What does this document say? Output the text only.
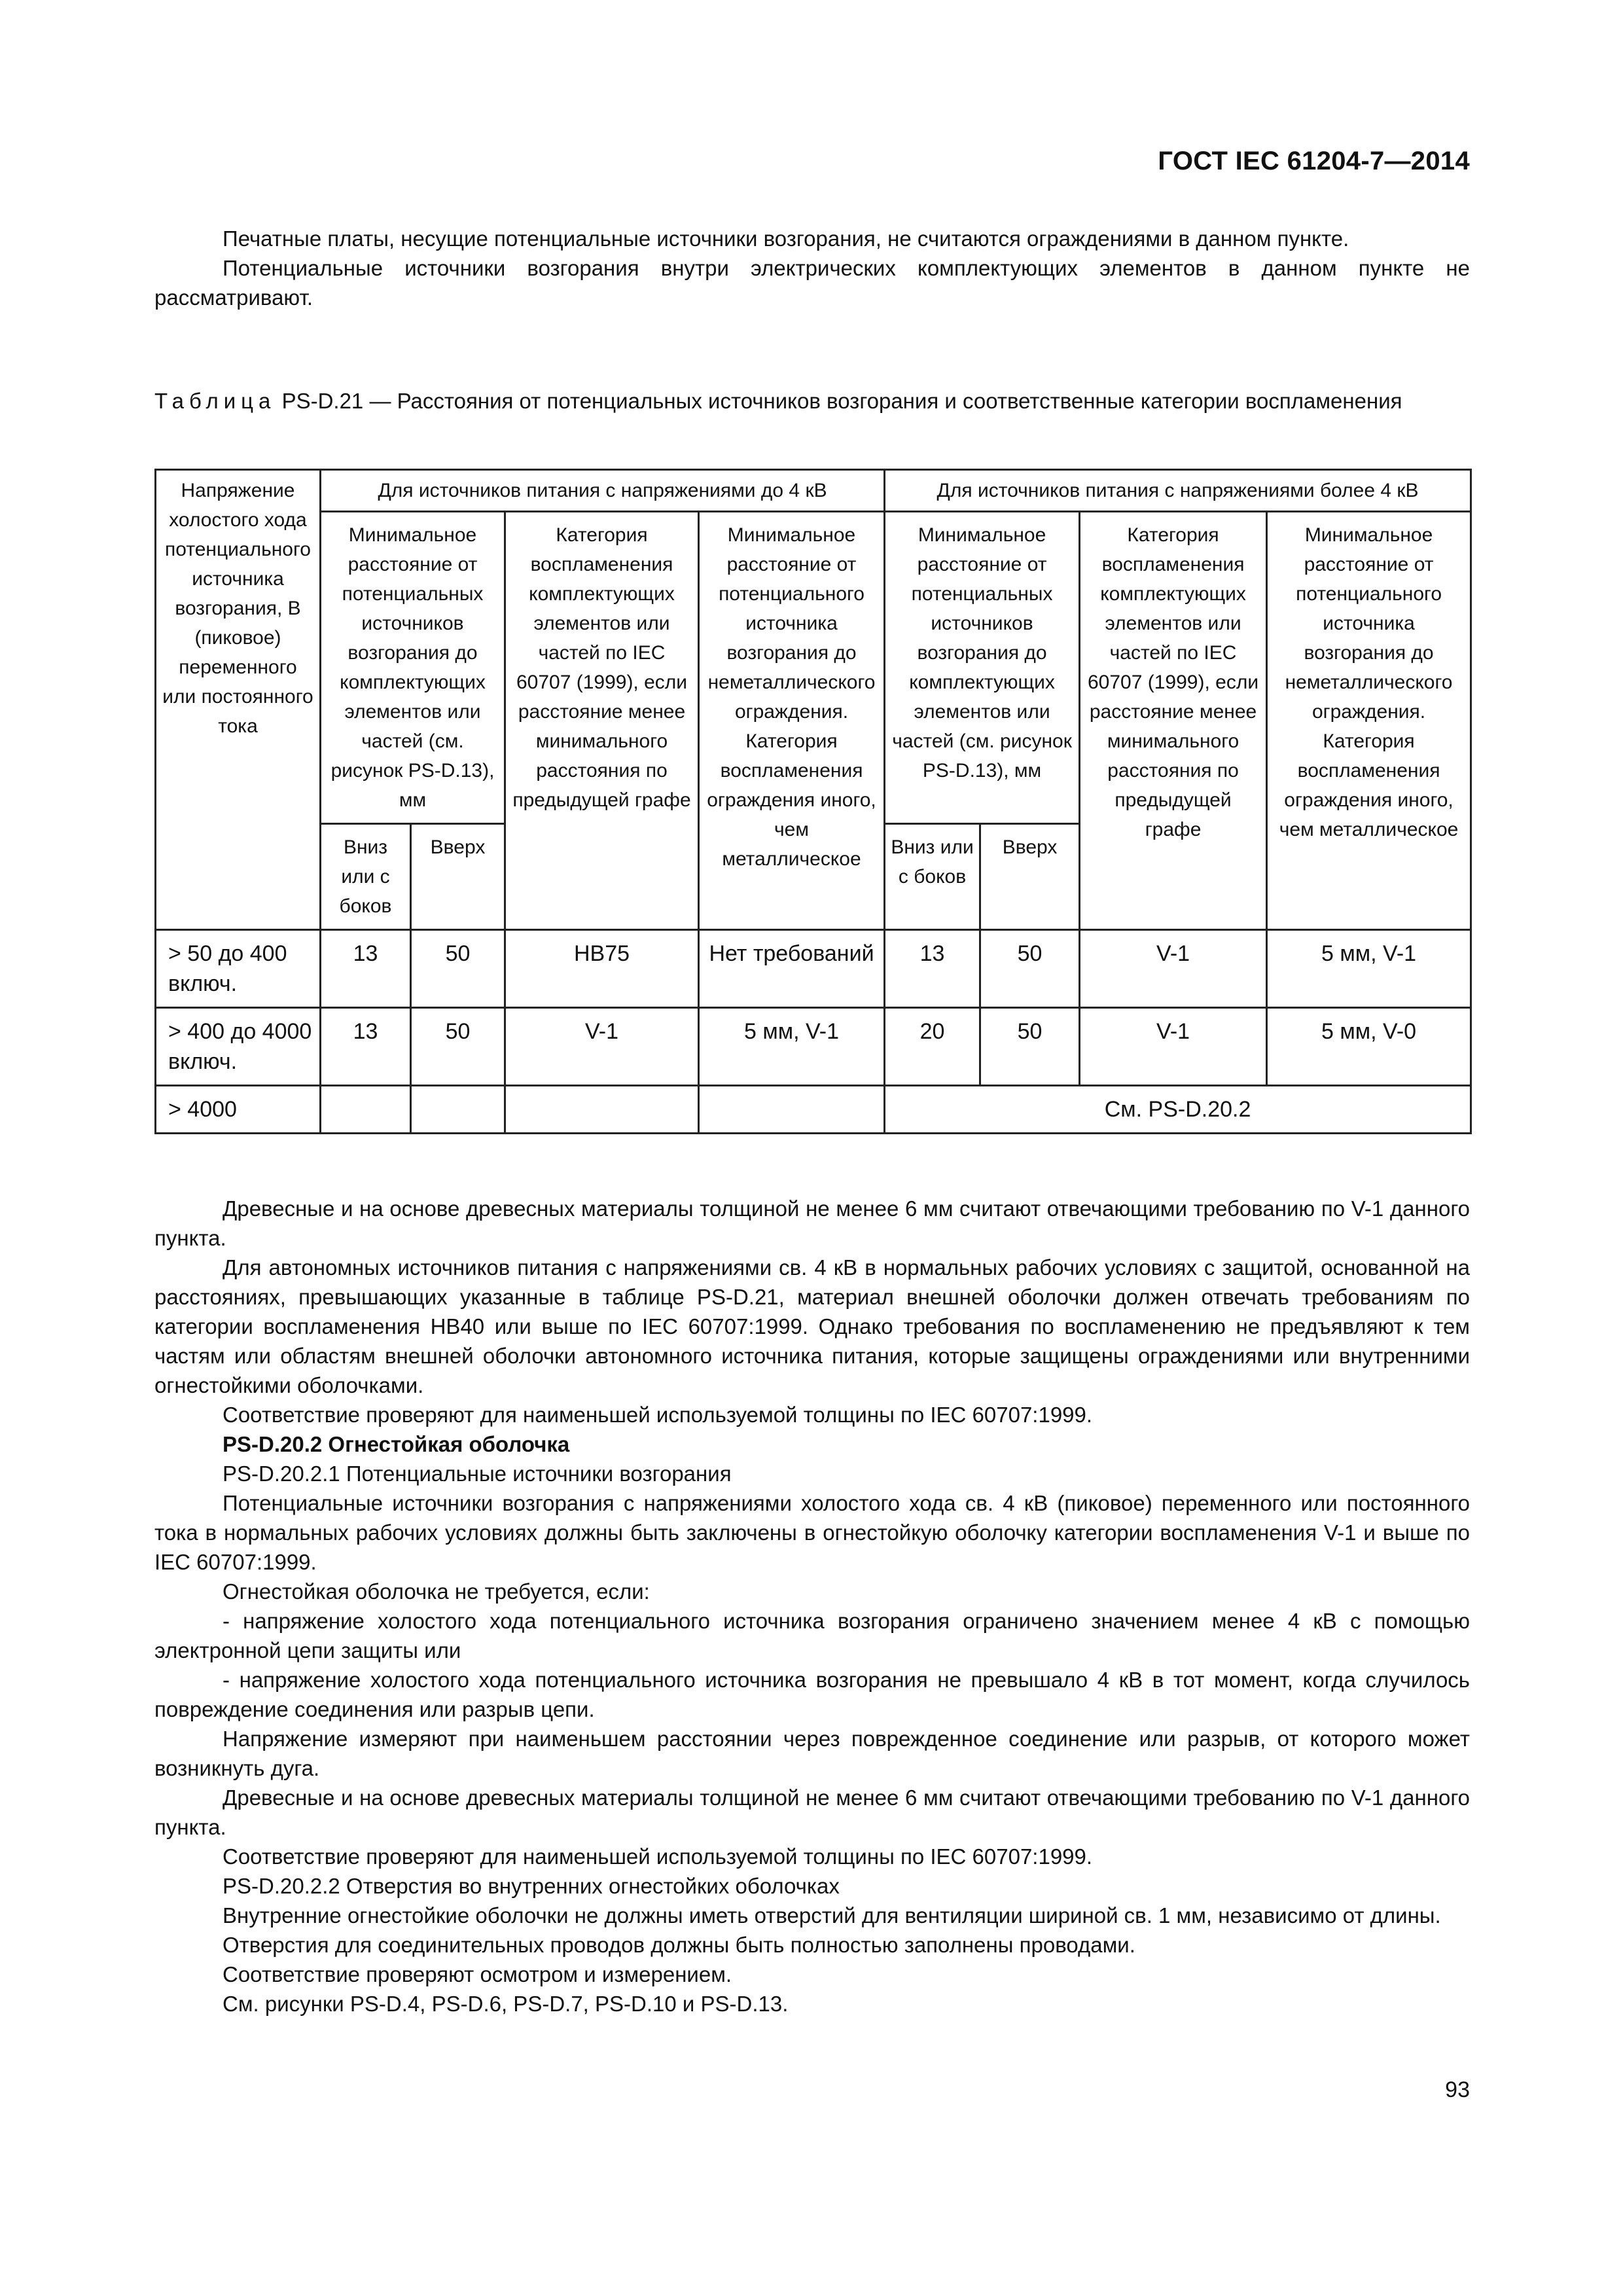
ГОСТ IEC 61204-7—2014

Печатные платы, несущие потенциальные источники возгорания, не считаются ограждениями в данном пункте.

Потенциальные источники возгорания внутри электрических комплектующих элементов в данном пункте не рассматривают.

Таблица PS-D.21 — Расстояния от потенциальных источников возгорания и соответственные категории воспламенения

Напряжение холостого хода потенциального источника возгорания, В (пиковое) переменного или постоянного тока	Для источников питания с напряжениями до 4 кВ				Для источников питания с напряжениями более 4 кВ			
	Минимальное расстояние от потенциальных источников возгорания до комплектующих элементов или частей (см. рисунок PS-D.13), мм		Категория воспламенения комплектующих элементов или частей по IEC 60707 (1999), если расстояние менее минимального расстояния по предыдущей графе	Минимальное расстояние от потенциального источника возгорания до неметаллического ограждения. Категория воспламенения ограждения иного, чем металлическое	Минимальное расстояние от потенциальных источников возгорания до комплектующих элементов или частей (см. рисунок PS-D.13), мм		Категория воспламенения комплектующих элементов или частей по IEC 60707 (1999), если расстояние менее минимального расстояния по предыдущей графе	Минимальное расстояние от потенциального источника возгорания до неметаллического ограждения. Категория воспламенения ограждения иного, чем металлическое
	Вниз или с боков	Вверх			Вниз или с боков	Вверх		
> 50 до 400 включ.	13	50	HB75	Нет требований	13	50	V-1	5 мм, V-1
> 400 до 4000 включ.	13	50	V-1	5 мм, V-1	20	50	V-1	5 мм, V-0
> 4000					См. PS-D.20.2			

Древесные и на основе древесных материалы толщиной не менее 6 мм считают отвечающими требованию по V-1 данного пункта.

Для автономных источников питания с напряжениями св. 4 кВ в нормальных рабочих условиях с защитой, основанной на расстояниях, превышающих указанные в таблице PS-D.21, материал внешней оболочки должен отвечать требованиям по категории воспламенения HB40 или выше по IEC 60707:1999. Однако требования по воспламенению не предъявляют к тем частям или областям внешней оболочки автономного источника питания, которые защищены ограждениями или внутренними огнестойкими оболочками.

Соответствие проверяют для наименьшей используемой толщины по IEC 60707:1999.

PS-D.20.2 Огнестойкая оболочка

PS-D.20.2.1 Потенциальные источники возгорания

Потенциальные источники возгорания с напряжениями холостого хода св. 4 кВ (пиковое) переменного или постоянного тока в нормальных рабочих условиях должны быть заключены в огнестойкую оболочку категории воспламенения V-1 и выше по IEC 60707:1999.

Огнестойкая оболочка не требуется, если:

- напряжение холостого хода потенциального источника возгорания ограничено значением менее 4 кВ с помощью электронной цепи защиты или

- напряжение холостого хода потенциального источника возгорания не превышало 4 кВ в тот момент, когда случилось повреждение соединения или разрыв цепи.

Напряжение измеряют при наименьшем расстоянии через поврежденное соединение или разрыв, от которого может возникнуть дуга.

Древесные и на основе древесных материалы толщиной не менее 6 мм считают отвечающими требованию по V-1 данного пункта.

Соответствие проверяют для наименьшей используемой толщины по IEC 60707:1999.

PS-D.20.2.2 Отверстия во внутренних огнестойких оболочках

Внутренние огнестойкие оболочки не должны иметь отверстий для вентиляции шириной св. 1 мм, независимо от длины.

Отверстия для соединительных проводов должны быть полностью заполнены проводами.

Соответствие проверяют осмотром и измерением.

См. рисунки PS-D.4, PS-D.6, PS-D.7, PS-D.10 и PS-D.13.

93
